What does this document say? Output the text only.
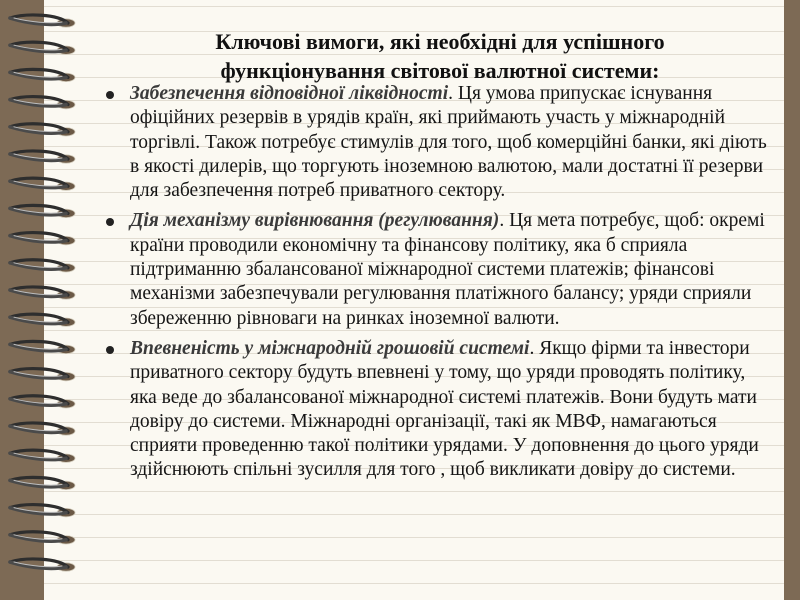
Ключові вимоги, які необхідні для успішного
функціонування світової валютної системи:
Забезпечення відповідної ліквідності. Ця умова припускає існування офіційних резервів в урядів країн, які приймають участь у міжнародній торгівлі. Також потребує стимулів для того, щоб комерційні банки, які діють в якості дилерів, що торгують іноземною валютою, мали достатні її резерви для забезпечення потреб приватного сектору.
Дія механізму вирівнювання (регулювання). Ця мета потребує, щоб: окремі країни проводили економічну та фінансову політику, яка б сприяла підтриманню збалансованої міжнародної системи платежів; фінансові механізми забезпечували регулювання платіжного балансу; уряди сприяли збереженню рівноваги на ринках іноземної валюти.
Впевненість у міжнародній грошовій системі. Якщо фірми та інвестори приватного сектору будуть впевнені у тому, що уряди проводять політику, яка веде до збалансованої міжнародної системі платежів. Вони будуть мати довіру до системи. Міжнародні організації, такі як МВФ, намагаються сприяти проведенню такої політики урядами. У доповнення до цього уряди здійснюють спільні зусилля для того , щоб викликати довіру до системи.
